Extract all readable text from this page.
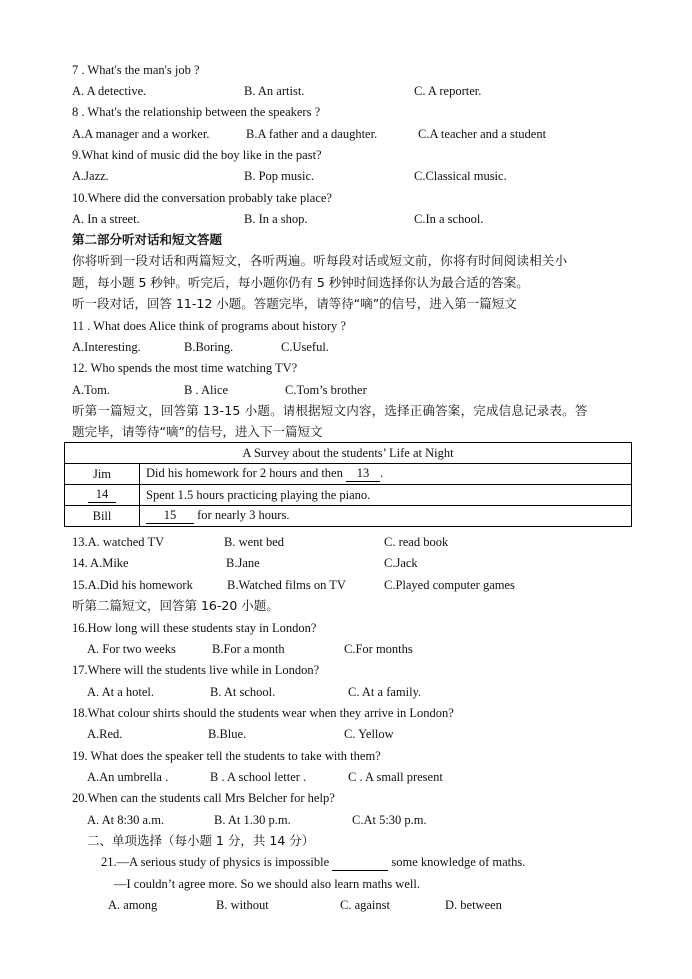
7 . What's the man's job ?
A. A detective.	B. An artist.	C. A reporter.
8 . What's the relationship between the speakers ?
A.A manager and a worker.	B.A father and a daughter.	C.A teacher and a student
9.What kind of music did the boy like in the past?
A.Jazz.	B. Pop music.	C.Classical music.
10.Where did the conversation probably take place?
A. In a street.	B. In a shop.	C.In a school.
第二部分听对话和短文答题
你将听到一段对话和两篇短文，各听两遍。听每段对话或短文前，你将有时间阅读相关小
题，每小题 5 秒钟。听完后，每小题你仍有 5 秒钟时间选择你认为最合适的答案。
听一段对话，回答 11-12 小题。答题完毕，请等待“嘀”的信号，进入第一篇短文
11 . What does Alice think of programs about history ?
A.Interesting.	B.Boring.	C.Useful.
12. Who spends the most time watching TV?
A.Tom.	B . Alice	C.Tom’s brother
听第一篇短文，回答第 13-15 小题。请根据短文内容，选择正确答案，完成信息记录表。答
题完毕，请等待“嘀”的信号，进入下一篇短文
A Survey about the students’ Life at Night	
Jim	Did his homework for 2 hours and then 13 .
14	Spent 1.5 hours practicing playing the piano.
Bill	15 for nearly 3 hours.
13.A. watched TV	B. went bed	C. read book
14. A.Mike	B.Jane	C.Jack
15.A.Did his homework	B.Watched films on TV	C.Played computer games
听第二篇短文，回答第 16-20 小题。
16.How long will these students stay in London?
A. For two weeks	B.For a month	C.For months
17.Where will the students live while in London?
A. At a hotel.	B. At school.	C. At a family.
18.What colour shirts should the students wear when they arrive in London?
A.Red.	B.Blue.	C. Yellow
19. What does the speaker tell the students to take with them?
A.An umbrella .	B . A school letter .	C . A small present
20.When can the students call Mrs Belcher for help?
A. At 8:30 a.m.	B. At 1.30 p.m.	C.At 5:30 p.m.
二、单项选择（每小题 1 分，共 14 分）
21.—A serious study of physics is impossible	some knowledge of maths.
—I couldn’t agree more. So we should also learn maths well.
A. among	B. without	C. against	D. between
